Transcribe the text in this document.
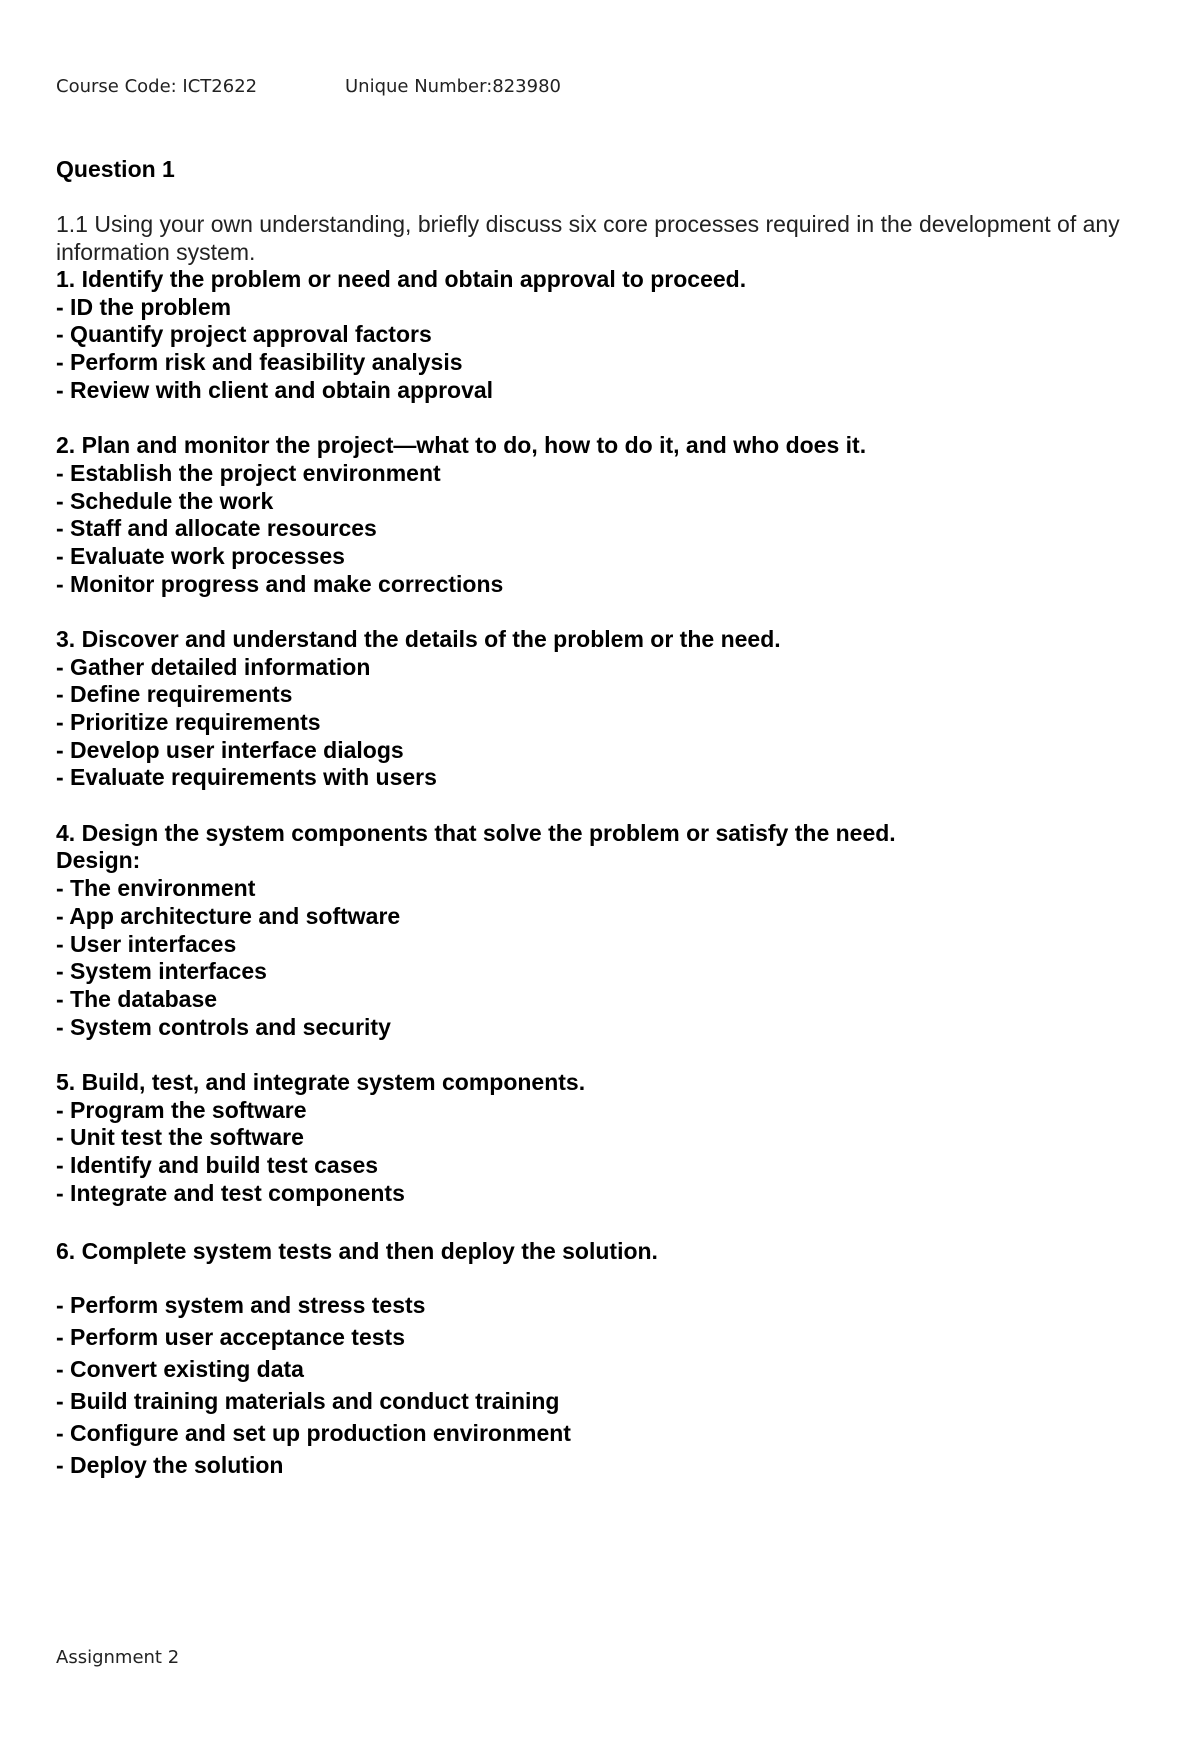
Course Code: ICT2622	Unique Number:823980
Question 1
1.1 Using your own understanding, briefly discuss six core processes required in the development of any information system.
1. Identify the problem or need and obtain approval to proceed.
- ID the problem
- Quantify project approval factors
- Perform risk and feasibility analysis
- Review with client and obtain approval
2. Plan and monitor the project—what to do, how to do it, and who does it.
- Establish the project environment
- Schedule the work
- Staff and allocate resources
- Evaluate work processes
- Monitor progress and make corrections
3. Discover and understand the details of the problem or the need.
- Gather detailed information
- Define requirements
- Prioritize requirements
- Develop user interface dialogs
- Evaluate requirements with users
4. Design the system components that solve the problem or satisfy the need.
Design:
- The environment
- App architecture and software
- User interfaces
- System interfaces
- The database
- System controls and security
5. Build, test, and integrate system components.
- Program the software
- Unit test the software
- Identify and build test cases
- Integrate and test components
6. Complete system tests and then deploy the solution.
- Perform system and stress tests
- Perform user acceptance tests
- Convert existing data
- Build training materials and conduct training
- Configure and set up production environment
- Deploy the solution
Assignment 2
